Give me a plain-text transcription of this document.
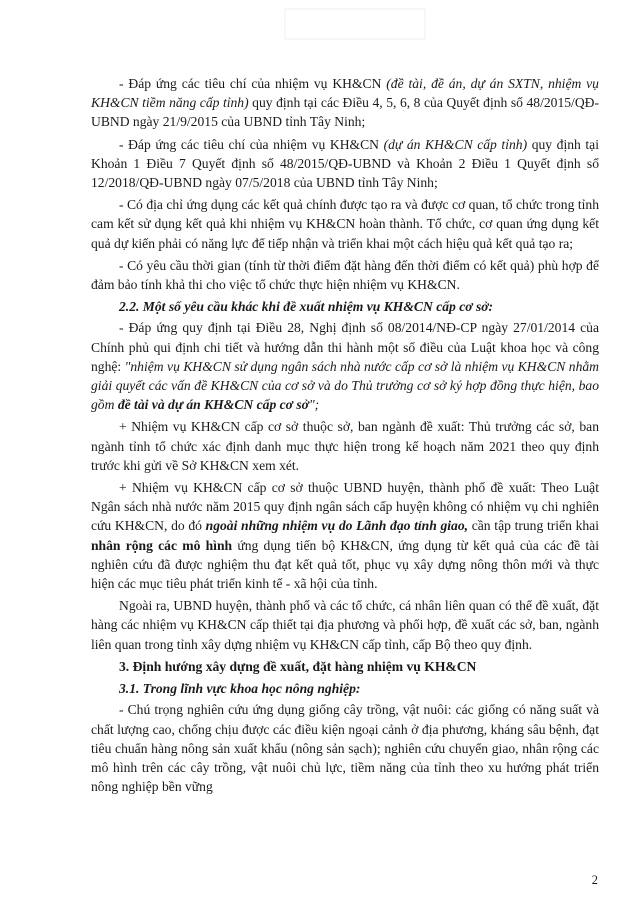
- Đáp ứng các tiêu chí của nhiệm vụ KH&CN (đề tài, đề án, dự án SXTN, nhiệm vụ KH&CN tiềm năng cấp tỉnh) quy định tại các Điều 4, 5, 6, 8 của Quyết định số 48/2015/QĐ-UBND ngày 21/9/2015 của UBND tỉnh Tây Ninh;

- Đáp ứng các tiêu chí của nhiệm vụ KH&CN (dự án KH&CN cấp tỉnh) quy định tại Khoản 1 Điều 7 Quyết định số 48/2015/QĐ-UBND và Khoản 2 Điều 1 Quyết định số 12/2018/QĐ-UBND ngày 07/5/2018 của UBND tỉnh Tây Ninh;

- Có địa chỉ ứng dụng các kết quả chính được tạo ra và được cơ quan, tổ chức trong tỉnh cam kết sử dụng kết quả khi nhiệm vụ KH&CN hoàn thành. Tổ chức, cơ quan ứng dụng kết quả dự kiến phải có năng lực để tiếp nhận và triển khai một cách hiệu quả kết quả tạo ra;

- Có yêu cầu thời gian (tính từ thời điểm đặt hàng đến thời điểm có kết quả) phù hợp để đảm bảo tính khả thi cho việc tổ chức thực hiện nhiệm vụ KH&CN.

2.2. Một số yêu cầu khác khi đề xuất nhiệm vụ KH&CN cấp cơ sở:

- Đáp ứng quy định tại Điều 28, Nghị định số 08/2014/NĐ-CP ngày 27/01/2014 của Chính phủ qui định chi tiết và hướng dẫn thi hành một số điều của Luật khoa học và công nghệ: "nhiệm vụ KH&CN sử dụng ngân sách nhà nước cấp cơ sở là nhiệm vụ KH&CN nhằm giải quyết các vấn đề KH&CN của cơ sở và do Thủ trưởng cơ sở ký hợp đồng thực hiện, bao gồm đề tài và dự án KH&CN cấp cơ sở";

+ Nhiệm vụ KH&CN cấp cơ sở thuộc sở, ban ngành đề xuất: Thủ trưởng các sở, ban ngành tỉnh tổ chức xác định danh mục thực hiện trong kế hoạch năm 2021 theo quy định trước khi gửi về Sở KH&CN xem xét.

+ Nhiệm vụ KH&CN cấp cơ sở thuộc UBND huyện, thành phố đề xuất: Theo Luật Ngân sách nhà nước năm 2015 quy định ngân sách cấp huyện không có nhiệm vụ chi nghiên cứu KH&CN, do đó ngoài những nhiệm vụ do Lãnh đạo tỉnh giao, cần tập trung triển khai nhân rộng các mô hình ứng dụng tiến bộ KH&CN, ứng dụng từ kết quả của các đề tài nghiên cứu đã được nghiệm thu đạt kết quả tốt, phục vụ xây dựng nông thôn mới và thực hiện các mục tiêu phát triển kinh tế - xã hội của tỉnh.

Ngoài ra, UBND huyện, thành phố và các tổ chức, cá nhân liên quan có thể đề xuất, đặt hàng các nhiệm vụ KH&CN cấp thiết tại địa phương và phối hợp, đề xuất các sở, ban, ngành liên quan trong tỉnh xây dựng nhiệm vụ KH&CN cấp tỉnh, cấp Bộ theo quy định.

3. Định hướng xây dựng đề xuất, đặt hàng nhiệm vụ KH&CN

3.1. Trong lĩnh vực khoa học nông nghiệp:

- Chú trọng nghiên cứu ứng dụng giống cây trồng, vật nuôi: các giống có năng suất và chất lượng cao, chống chịu được các điều kiện ngoại cảnh ở địa phương, kháng sâu bệnh, đạt tiêu chuẩn hàng nông sản xuất khẩu (nông sản sạch); nghiên cứu chuyển giao, nhân rộng các mô hình trên các cây trồng, vật nuôi chủ lực, tiềm năng của tỉnh theo xu hướng phát triển nông nghiệp bền vững

2
